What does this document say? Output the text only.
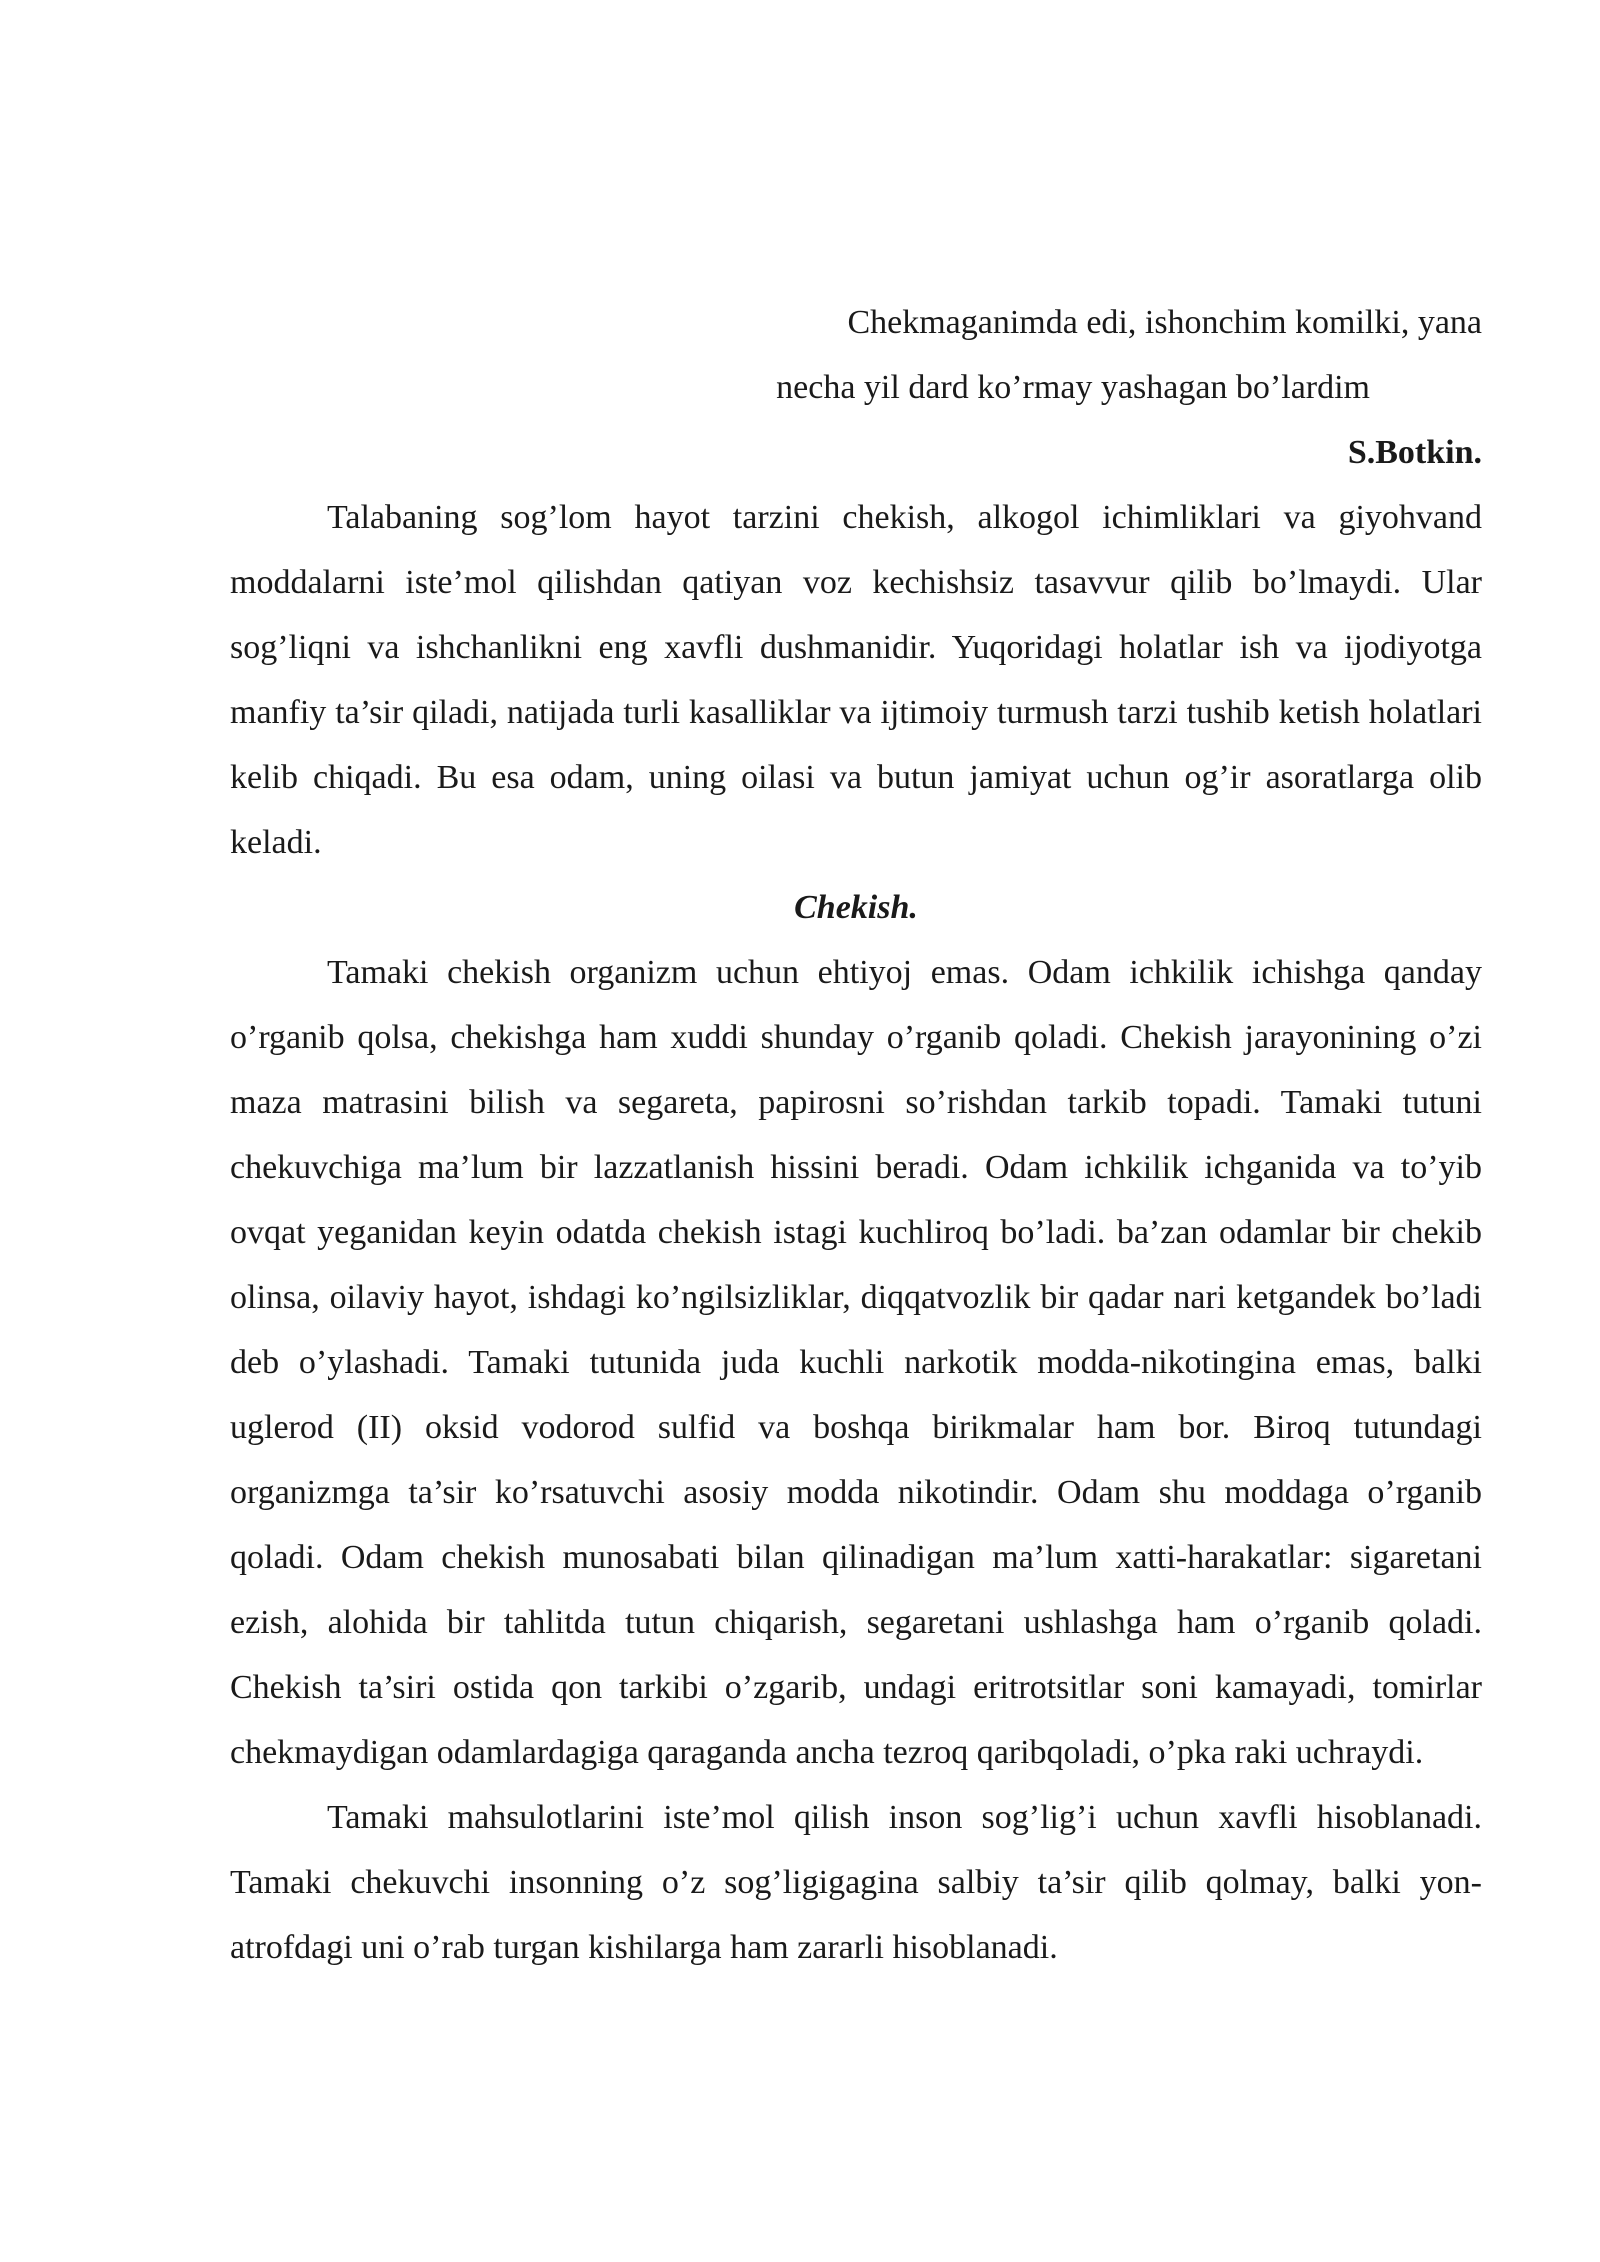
Chekmaganimda edi, ishonchim komilki, yana

necha yil dard ko’rmay yashagan bo’lardim

S.Botkin.

Talabaning sog’lom hayot tarzini chekish, alkogol ichimliklari va giyohvand moddalarni iste’mol qilishdan qatiyan voz kechishsiz tasavvur qilib bo’lmaydi. Ular sog’liqni va ishchanlikni eng xavfli dushmanidir. Yuqoridagi holatlar ish va ijodiyotga manfiy ta’sir qiladi, natijada turli kasalliklar va ijtimoiy turmush tarzi tushib ketish holatlari kelib chiqadi. Bu esa odam, uning oilasi va butun jamiyat uchun og’ir asoratlarga olib keladi.

Chekish.

Tamaki chekish organizm uchun ehtiyoj emas. Odam ichkilik ichishga qanday o’rganib qolsa, chekishga ham xuddi shunday o’rganib qoladi. Chekish jarayonining o’zi maza matrasini bilish va segareta, papirosni so’rishdan tarkib topadi. Tamaki tutuni chekuvchiga ma’lum bir lazzatlanish hissini beradi. Odam ichkilik ichganida va to’yib ovqat yeganidan keyin odatda chekish istagi kuchliroq bo’ladi. ba’zan odamlar bir chekib olinsa, oilaviy hayot, ishdagi ko’ngilsizliklar, diqqatvozlik bir qadar nari ketgandek bo’ladi deb o’ylashadi. Tamaki tutunida juda kuchli narkotik modda-nikotingina emas, balki uglerod (II) oksid vodorod sulfid va boshqa birikmalar ham bor. Biroq tutundagi organizmga ta’sir ko’rsatuvchi asosiy modda nikotindir. Odam shu moddaga o’rganib qoladi. Odam chekish munosabati bilan qilinadigan ma’lum xatti-harakatlar: sigaretani ezish, alohida bir tahlitda tutun chiqarish, segaretani ushlashga ham o’rganib qoladi. Chekish ta’siri ostida qon tarkibi o’zgarib, undagi eritrotsitlar soni kamayadi, tomirlar chekmaydigan odamlardagiga qaraganda ancha tezroq qaribqoladi, o’pka raki uchraydi.

Tamaki mahsulotlarini iste’mol qilish inson sog’lig’i uchun xavfli hisoblanadi. Tamaki chekuvchi insonning o’z sog’ligigagina salbiy ta’sir qilib qolmay, balki yon-atrofdagi uni o’rab turgan kishilarga ham zararli hisoblanadi.
